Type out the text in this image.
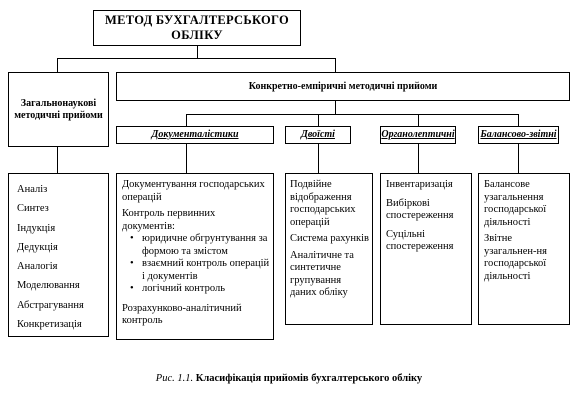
МЕТОД БУХГАЛТЕРСЬКОГО ОБЛІКУ
Загальнонаукові методичні прийоми
Конкретно-емпіричні методичні прийоми
Документалістики	Двоїсті	Органолептичні	Балансово-звітні
Аналіз
Синтез
Індукція
Дедукція
Аналогія
Моделювання
Абстрагування
Конкретизація
Документування господарських операцій
Контроль первинних документів:
• юридичне обгрунтування за формою та змістом
• взаємний контроль операцій і документів
• логічний контроль
Розрахунково-аналітичний контроль
Подвійне відображення господарських операцій
Система рахунків
Аналітичне та синтетичне групування даних обліку
Інвентаризація
Вибіркові спостереження
Суцільні спостереження
Балансове узагальнення господарської діяльності
Звітне узагальнен-ня господарської діяльності
Рис. 1.1. Класифікація прийомів бухгалтерського обліку
